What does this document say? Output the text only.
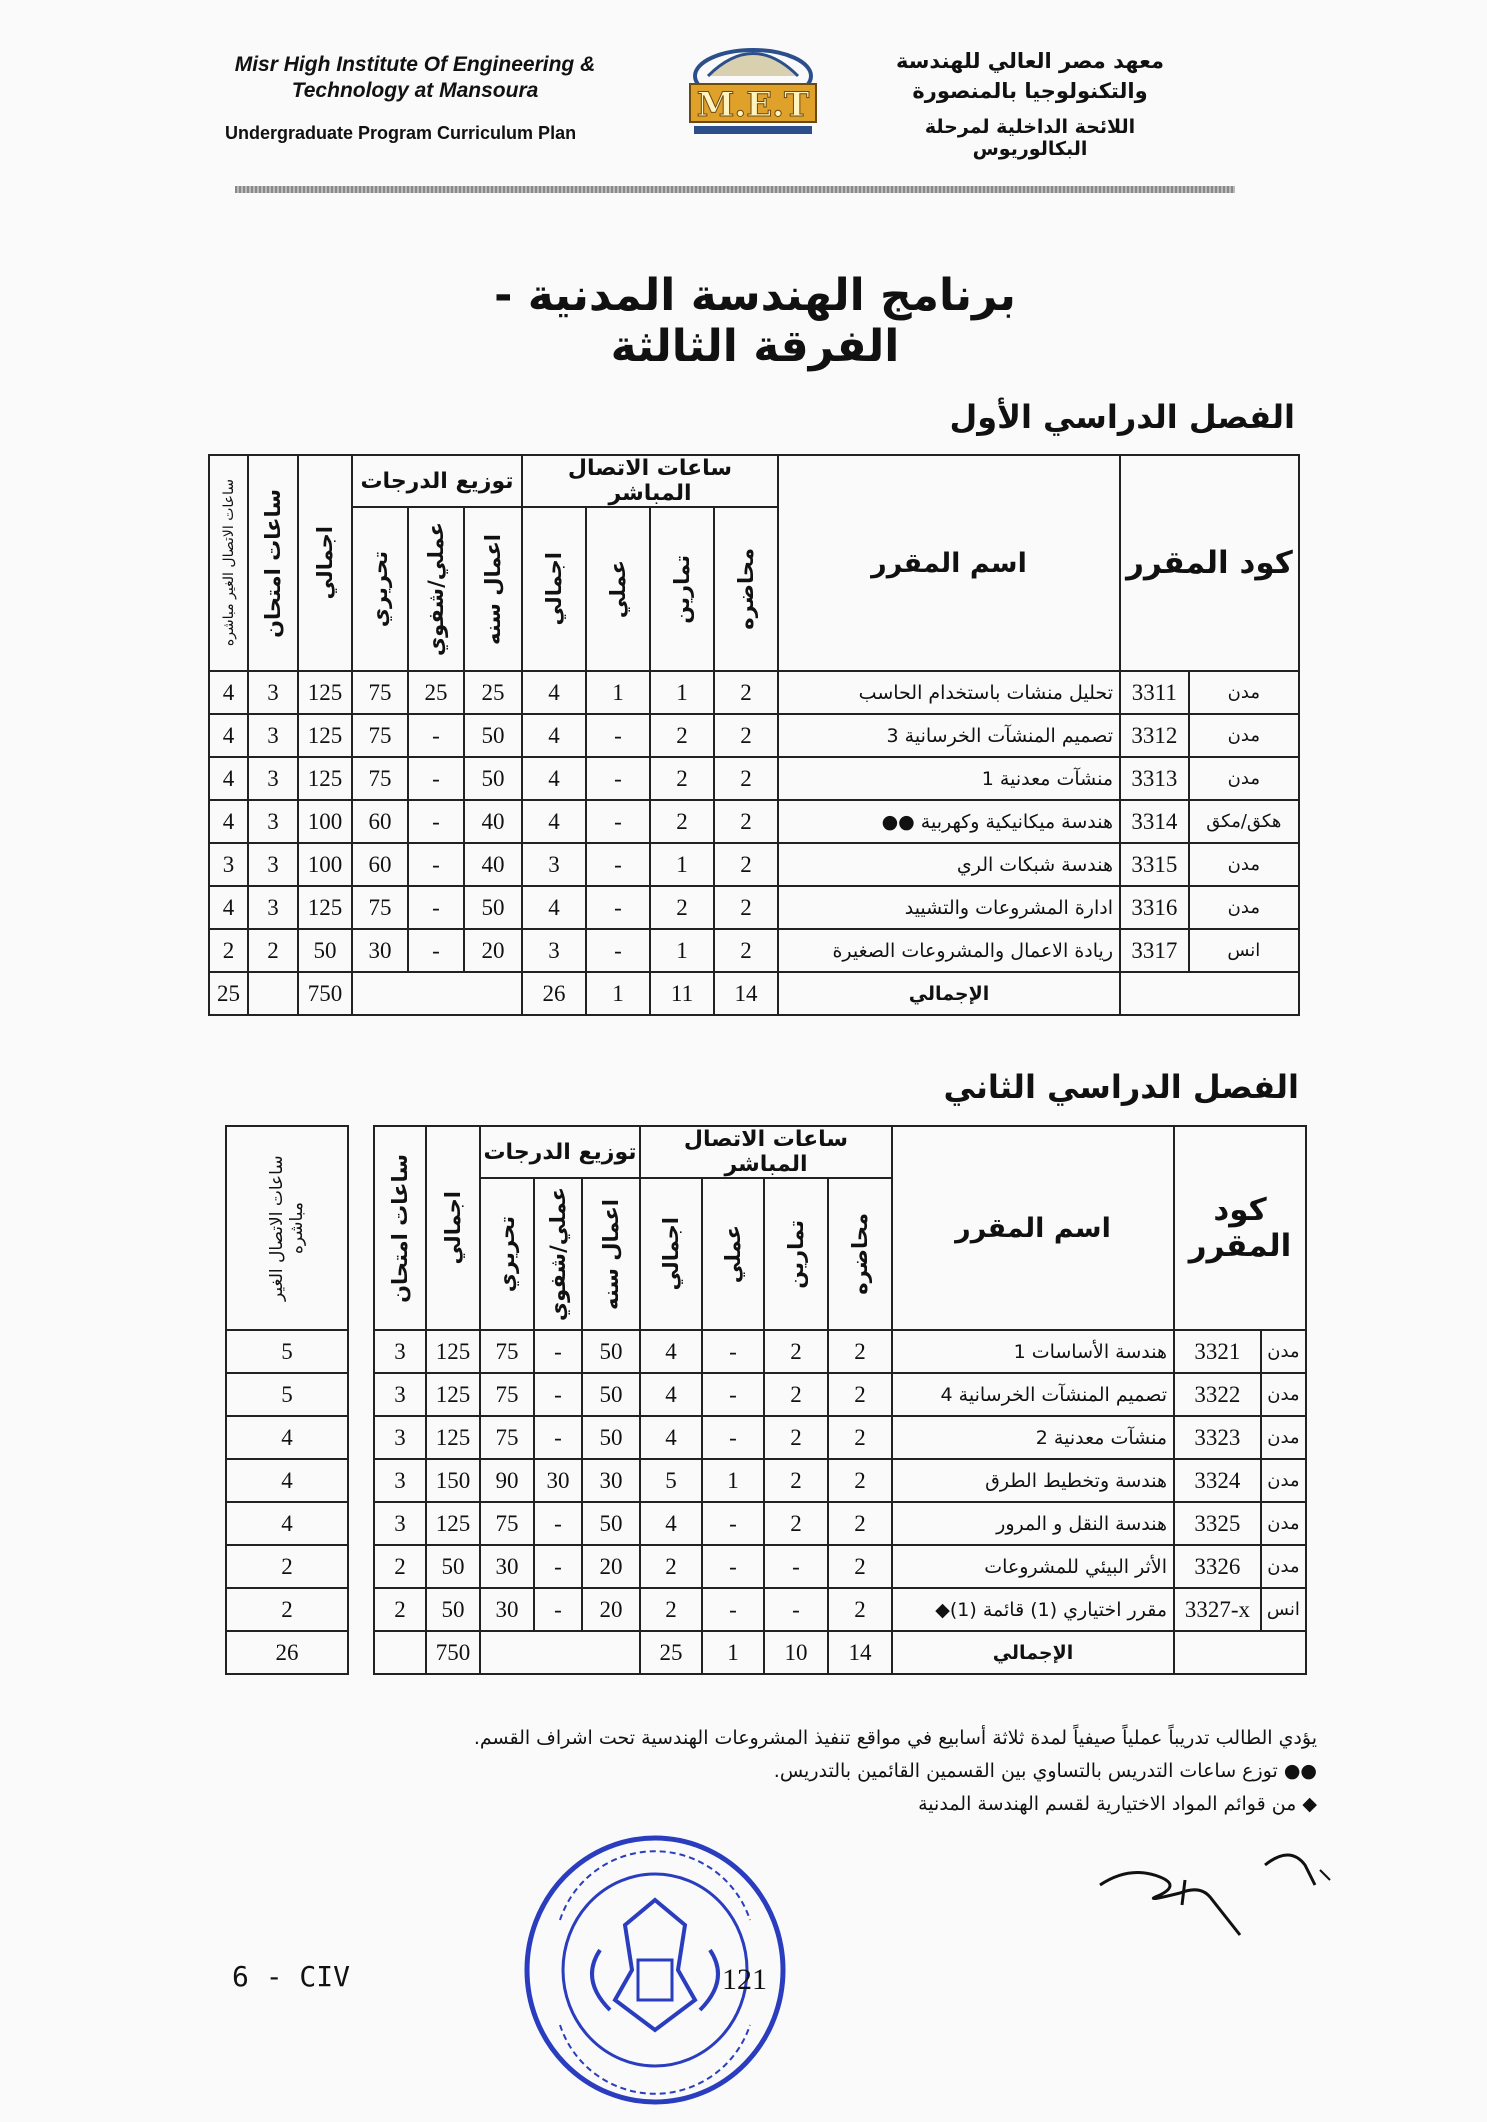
Misr High Institute Of Engineering & Technology at Mansoura
Undergraduate Program Curriculum Plan
M.E.T
معهد مصر العالي للهندسة والتكنولوجيا بالمنصورة
اللائحة الداخلية لمرحلة البكالوريوس
برنامج الهندسة المدنية - الفرقة الثالثة
الفصل الدراسي الأول
ساعات الاتصال الغير مباشره	ساعات امتحان	اجمالي	توزيع الدرجات			ساعات الاتصال المباشر				اسم المقرر	كود المقرر	

			تحريري	عملي/شفوي	اعمال سنه	اجمالي	عملي	تمارين	محاضره			

4	3	125	75	25	25	4	1	1	2	تحليل منشات باستخدام الحاسب	3311	مدن
4	3	125	75	-	50	4	-	2	2	تصميم المنشآت الخرسانية 3	3312	مدن
4	3	125	75	-	50	4	-	2	2	منشآت معدنية 1	3313	مدن
4	3	100	60	-	40	4	-	2	2	هندسة ميكانيكية وكهربية ●●	3314	هكق/مكق
3	3	100	60	-	40	3	-	1	2	هندسة شبكات الري	3315	مدن
4	3	125	75	-	50	4	-	2	2	ادارة المشروعات والتشييد	3316	مدن
2	2	50	30	-	20	3	-	1	2	ريادة الاعمال والمشروعات الصغيرة	3317	انس
25		750				26	1	11	14	الإجمالي		
الفصل الدراسي الثاني
ساعات الاتصال الغير مباشره		ساعات امتحان	اجمالي	توزيع الدرجات			ساعات الاتصال المباشر				اسم المقرر	كود المقرر	

				تحريري	عملي/شفوي	اعمال سنه	اجمالي	عملي	تمارين	محاضره			

5		3	125	75	-	50	4	-	2	2	هندسة الأساسات 1	3321	مدن
5		3	125	75	-	50	4	-	2	2	تصميم المنشآت الخرسانية 4	3322	مدن
4		3	125	75	-	50	4	-	2	2	منشآت معدنية 2	3323	مدن
4		3	150	90	30	30	5	1	2	2	هندسة وتخطيط الطرق	3324	مدن
4		3	125	75	-	50	4	-	2	2	هندسة النقل و المرور	3325	مدن
2		2	50	30	-	20	2	-	-	2	الأثر البيئي للمشروعات	3326	مدن
2		2	50	30	-	20	2	-	-	2	مقرر اختياري (1) قائمة (1)◆	3327-x	انس
26			750				25	1	10	14	الإجمالي		
يؤدي الطالب تدريباً عملياً صيفياً لمدة ثلاثة أسابيع في مواقع تنفيذ المشروعات الهندسية تحت اشراف القسم.
●● توزع ساعات التدريس بالتساوي بين القسمين القائمين بالتدريس.
◆ من قوائم المواد الاختيارية لقسم الهندسة المدنية
6 - CIV	121
